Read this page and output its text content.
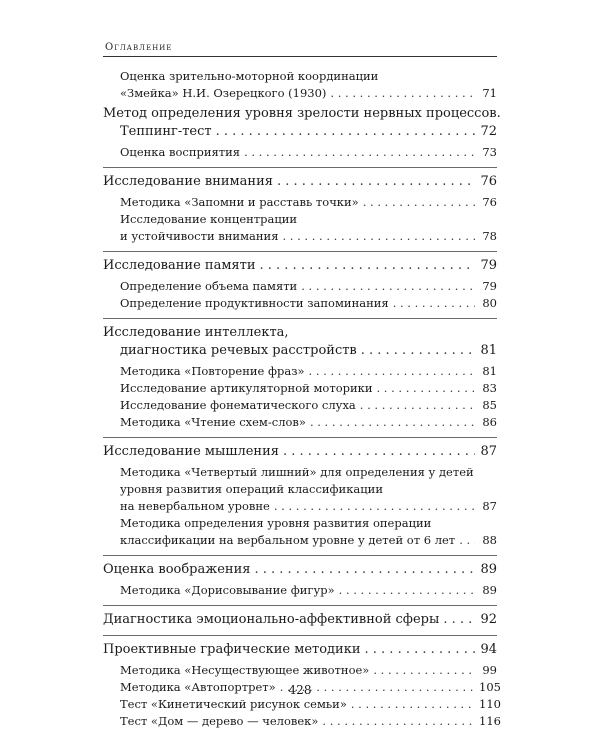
Оглавление
Оценка зрительно-моторной координации
«Змейка» Н.И. Озерецкого (1930) . . .	71
Метод определения уровня зрелости нервных процессов.
Теппинг-тест . . .	72
Оценка восприятия . . .	73
Исследование внимания . . .	76
Методика «Запомни и расставь точки» . . .	76
Исследование концентрации
и устойчивости внимания . . .	78
Исследование памяти . . .	79
Определение объема памяти . . .	79
Определение продуктивности запоминания . . .	80
Исследование интеллекта,
диагностика речевых расстройств . . .	81
Методика «Повторение фраз» . . .	81
Исследование артикуляторной моторики . . .	83
Исследование фонематического слуха . . .	85
Методика «Чтение схем-слов» . . .	86
Исследование мышления . . .	87
Методика «Четвертый лишний» для определения у детей
уровня развития операций классификации
на невербальном уровне . . .	87
Методика определения уровня развития операции
классификации на вербальном уровне у детей от 6 лет . . . 88
Оценка воображения . . .	89
Методика «Дорисовывание фигур» . . .	89
Диагностика эмоционально-аффективной сферы . . .	92
Проективные графические методики . . .	94
Методика «Несуществующее животное» . . .	99
Методика «Автопортрет» . . .	105
Тест «Кинетический рисунок семьи» . . .	110
Тест «Дом — дерево — человек» . . .	116
428
